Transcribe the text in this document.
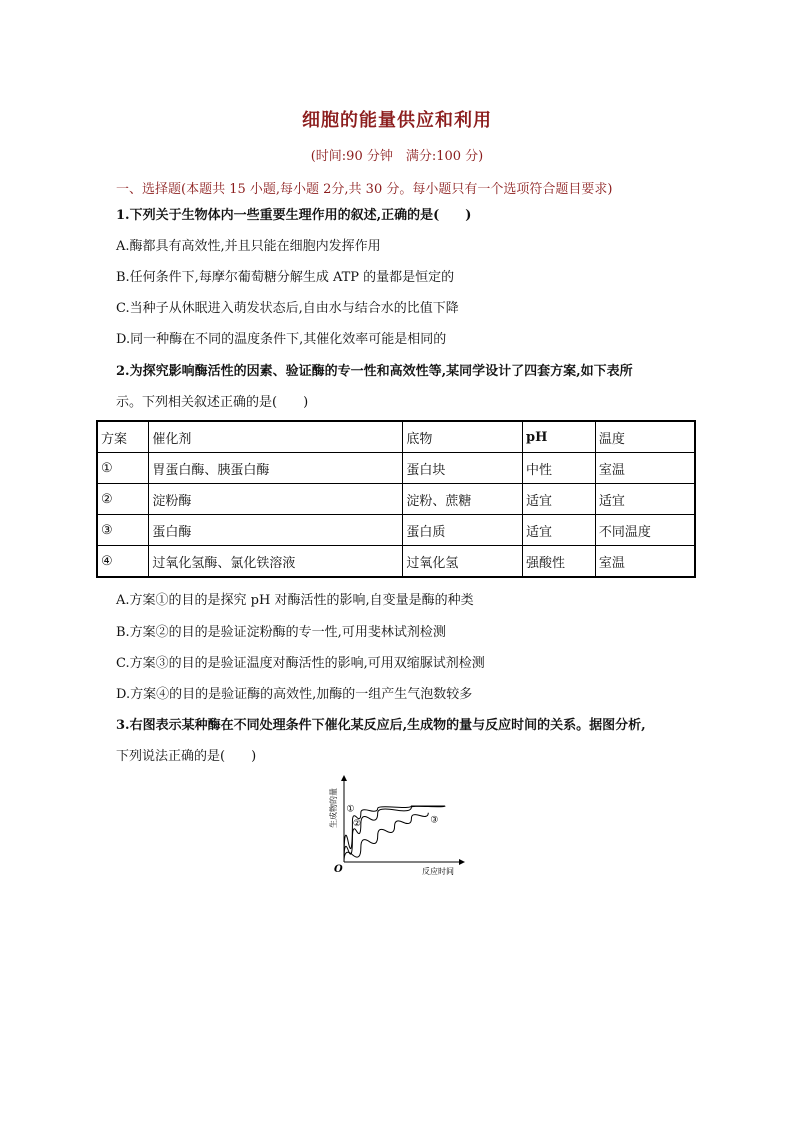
细胞的能量供应和利用
(时间:90 分钟　满分:100 分)
一、选择题(本题共 15 小题,每小题 2分,共 30 分。每小题只有一个选项符合题目要求)
1.下列关于生物体内一些重要生理作用的叙述,正确的是(　　)
A.酶都具有高效性,并且只能在细胞内发挥作用
B.任何条件下,每摩尔葡萄糖分解生成 ATP 的量都是恒定的
C.当种子从休眠进入萌发状态后,自由水与结合水的比值下降
D.同一种酶在不同的温度条件下,其催化效率可能是相同的
2.为探究影响酶活性的因素、验证酶的专一性和高效性等,某同学设计了四套方案,如下表所
示。下列相关叙述正确的是(　　)
方案	催化剂	底物	pH	温度
①	胃蛋白酶、胰蛋白酶	蛋白块	中性	室温
②	淀粉酶	淀粉、蔗糖	适宜	适宜
③	蛋白酶	蛋白质	适宜	不同温度
④	过氧化氢酶、氯化铁溶液	过氧化氢	强酸性	室温
A.方案①的目的是探究 pH 对酶活性的影响,自变量是酶的种类
B.方案②的目的是验证淀粉酶的专一性,可用斐林试剂检测
C.方案③的目的是验证温度对酶活性的影响,可用双缩脲试剂检测
D.方案④的目的是验证酶的高效性,加酶的一组产生气泡数较多
3.右图表示某种酶在不同处理条件下催化某反应后,生成物的量与反应时间的关系。据图分析,
下列说法正确的是(　　)
O	反应时间
生成物的量 ①
②	③
